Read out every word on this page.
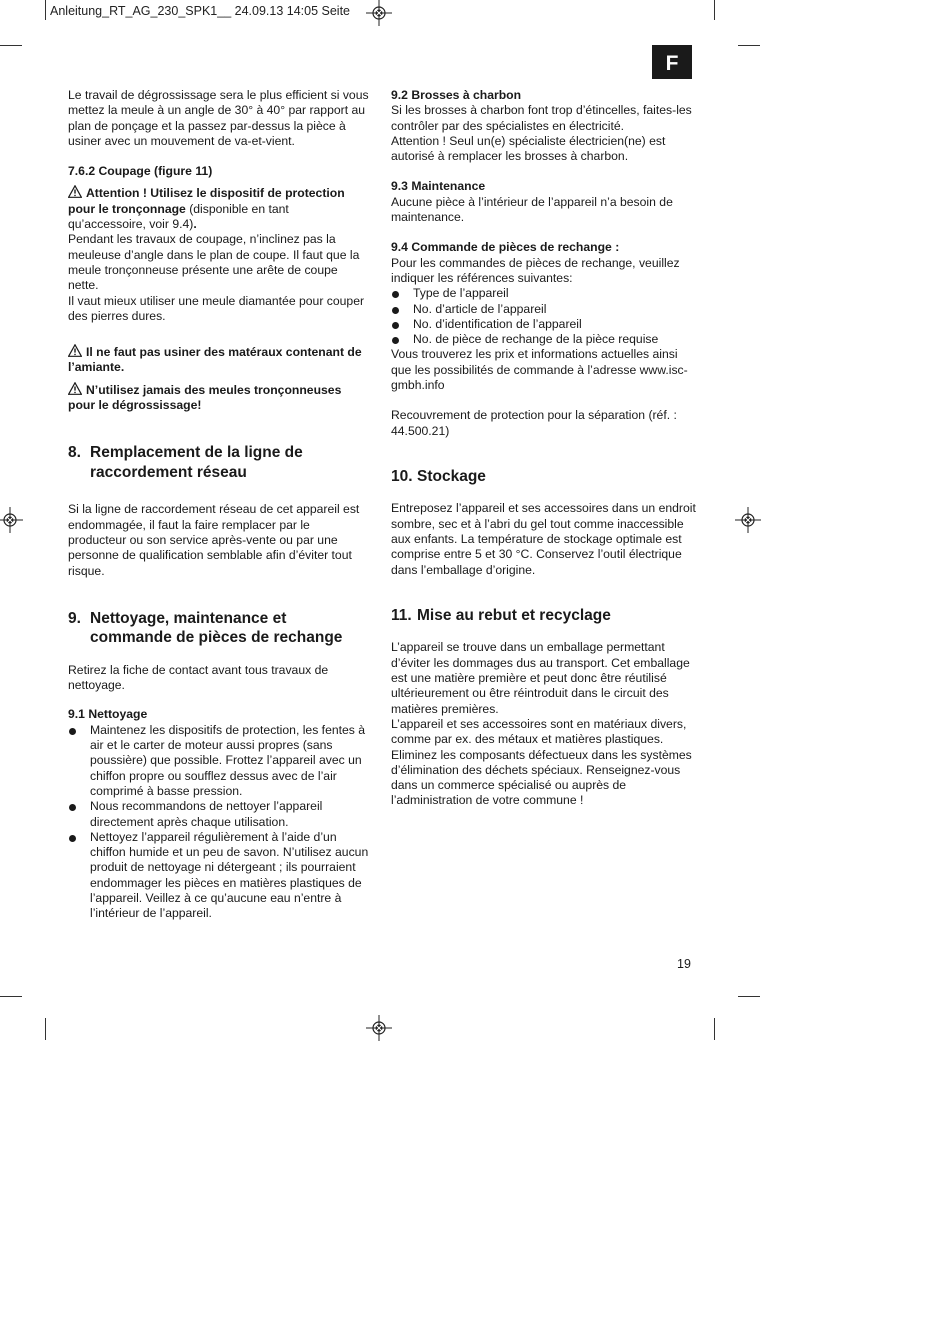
Anleitung_RT_AG_230_SPK1__ 24.09.13 14:05 Seite
F

Le travail de dégrossissage sera le plus efficient si vous mettez la meule à un angle de 30° à 40° par rapport au plan de ponçage et la passez par-dessus la pièce à usiner avec un mouvement de va-et-vient.

7.6.2 Coupage (figure 11)

Attention ! Utilisez le dispositif de protection pour le tronçonnage (disponible en tant qu’accessoire, voir 9.4).

Pendant les travaux de coupage, n’inclinez pas la meuleuse d’angle dans le plan de coupe. Il faut que la meule tronçonneuse présente une arête de coupe nette.

Il vaut mieux utiliser une meule diamantée pour couper des pierres dures.

Il ne faut pas usiner des matéraux contenant de l’amiante.

N’utilisez jamais des meules tronçonneuses pour le dégrossissage!

8. Remplacement de la ligne de raccordement réseau

Si la ligne de raccordement réseau de cet appareil est endommagée, il faut la faire remplacer par le producteur ou son service après-vente ou par une personne de qualification semblable afin d’éviter tout risque.

9. Nettoyage, maintenance et commande de pièces de rechange

Retirez la fiche de contact avant tous travaux de nettoyage.

9.1 Nettoyage

Maintenez les dispositifs de protection, les fentes à air et le carter de moteur aussi propres (sans poussière) que possible. Frottez l’appareil avec un chiffon propre ou soufflez dessus avec de l’air comprimé à basse pression.
Nous recommandons de nettoyer l’appareil directement après chaque utilisation.
Nettoyez l’appareil régulièrement à l’aide d’un chiffon humide et un peu de savon. N’utilisez aucun produit de nettoyage ni détergeant ; ils pourraient endommager les pièces en matières plastiques de l’appareil. Veillez à ce qu’aucune eau n’entre à l’intérieur de l’appareil.

9.2 Brosses à charbon

Si les brosses à charbon font trop d’étincelles, faites-les contrôler par des spécialistes en électricité.

Attention ! Seul un(e) spécialiste électricien(ne) est autorisé à remplacer les brosses à charbon.

9.3 Maintenance

Aucune pièce à l’intérieur de l’appareil n’a besoin de maintenance.

9.4 Commande de pièces de rechange :

Pour les commandes de pièces de rechange, veuillez indiquer les références suivantes:

Type de l’appareil
No. d’article de l’appareil
No. d’identification de l’appareil
No. de pièce de rechange de la pièce requise

Vous trouverez les prix et informations actuelles ainsi que les possibilités de commande à l’adresse www.isc-gmbh.info

Recouvrement de protection pour la séparation (réf. : 44.500.21)

10. Stockage

Entreposez l’appareil et ses accessoires dans un endroit sombre, sec et à l’abri du gel tout comme inaccessible aux enfants. La température de stockage optimale est comprise entre 5 et 30 °C. Conservez l’outil électrique dans l’emballage d’origine.

11. Mise au rebut et recyclage

L’appareil se trouve dans un emballage permettant d’éviter les dommages dus au transport. Cet emballage est une matière première et peut donc être réutilisé ultérieurement ou être réintroduit dans le circuit des matières premières.

L’appareil et ses accessoires sont en matériaux divers, comme par ex. des métaux et matières plastiques. Eliminez les composants défectueux dans les systèmes d’élimination des déchets spéciaux. Renseignez-vous dans un commerce spécialisé ou auprès de l’administration de votre commune !

19
